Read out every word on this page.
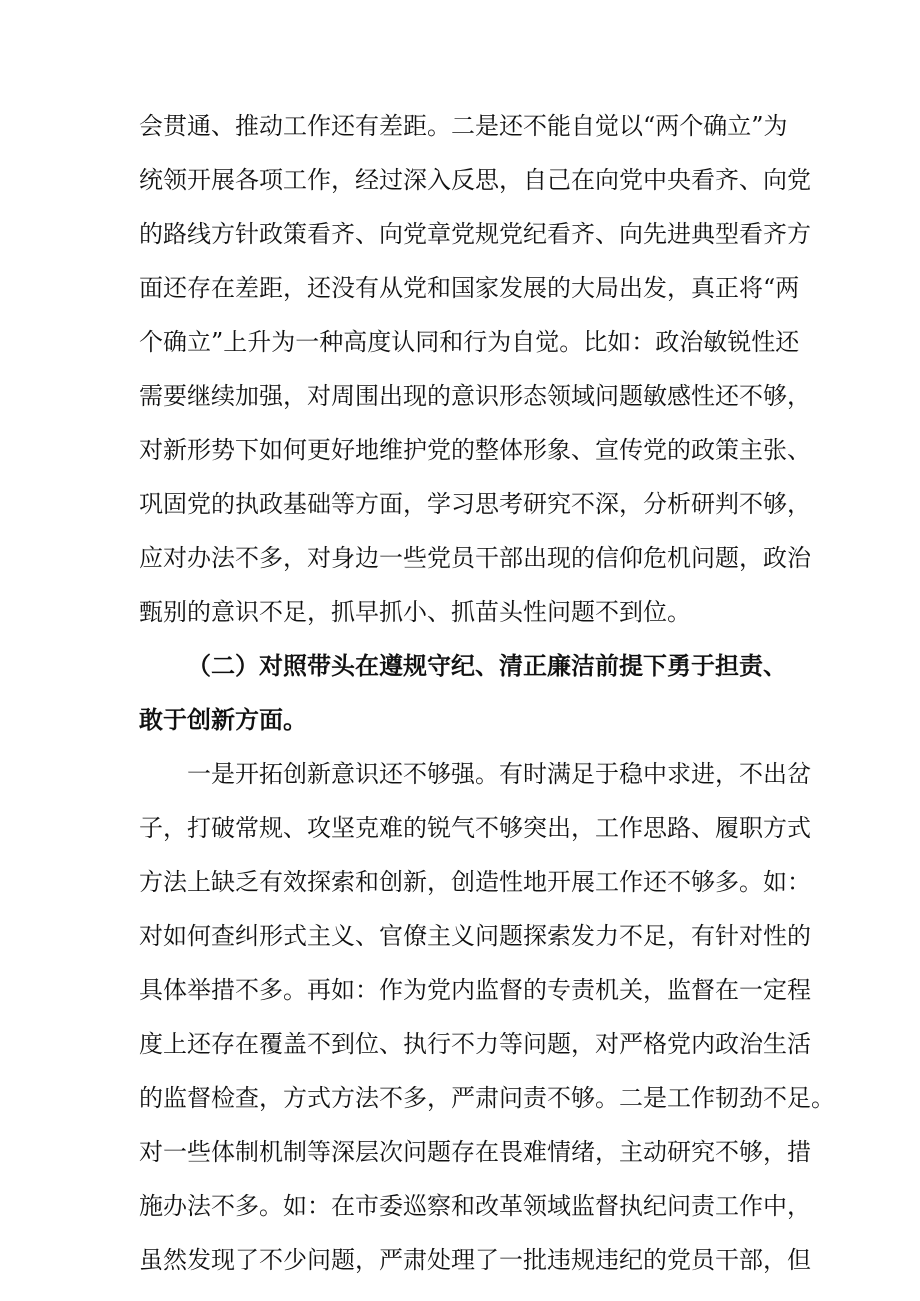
会贯通、推动工作还有差距。二是还不能自觉以“两个确立”为
统领开展各项工作，经过深入反思，自己在向党中央看齐、向党
的路线方针政策看齐、向党章党规党纪看齐、向先进典型看齐方
面还存在差距，还没有从党和国家发展的大局出发，真正将“两
个确立”上升为一种高度认同和行为自觉。比如：政治敏锐性还
需要继续加强，对周围出现的意识形态领域问题敏感性还不够，
对新形势下如何更好地维护党的整体形象、宣传党的政策主张、
巩固党的执政基础等方面，学习思考研究不深，分析研判不够，
应对办法不多，对身边一些党员干部出现的信仰危机问题，政治
甄别的意识不足，抓早抓小、抓苗头性问题不到位。
（二）对照带头在遵规守纪、清正廉洁前提下勇于担责、
敢于创新方面。
一是开拓创新意识还不够强。有时满足于稳中求进，不出岔
子，打破常规、攻坚克难的锐气不够突出，工作思路、履职方式
方法上缺乏有效探索和创新，创造性地开展工作还不够多。如：
对如何查纠形式主义、官僚主义问题探索发力不足，有针对性的
具体举措不多。再如：作为党内监督的专责机关，监督在一定程
度上还存在覆盖不到位、执行不力等问题，对严格党内政治生活
的监督检查，方式方法不多，严肃问责不够。二是工作韧劲不足。
对一些体制机制等深层次问题存在畏难情绪，主动研究不够，措
施办法不多。如：在市委巡察和改革领域监督执纪问责工作中，
虽然发现了不少问题，严肃处理了一批违规违纪的党员干部，但
